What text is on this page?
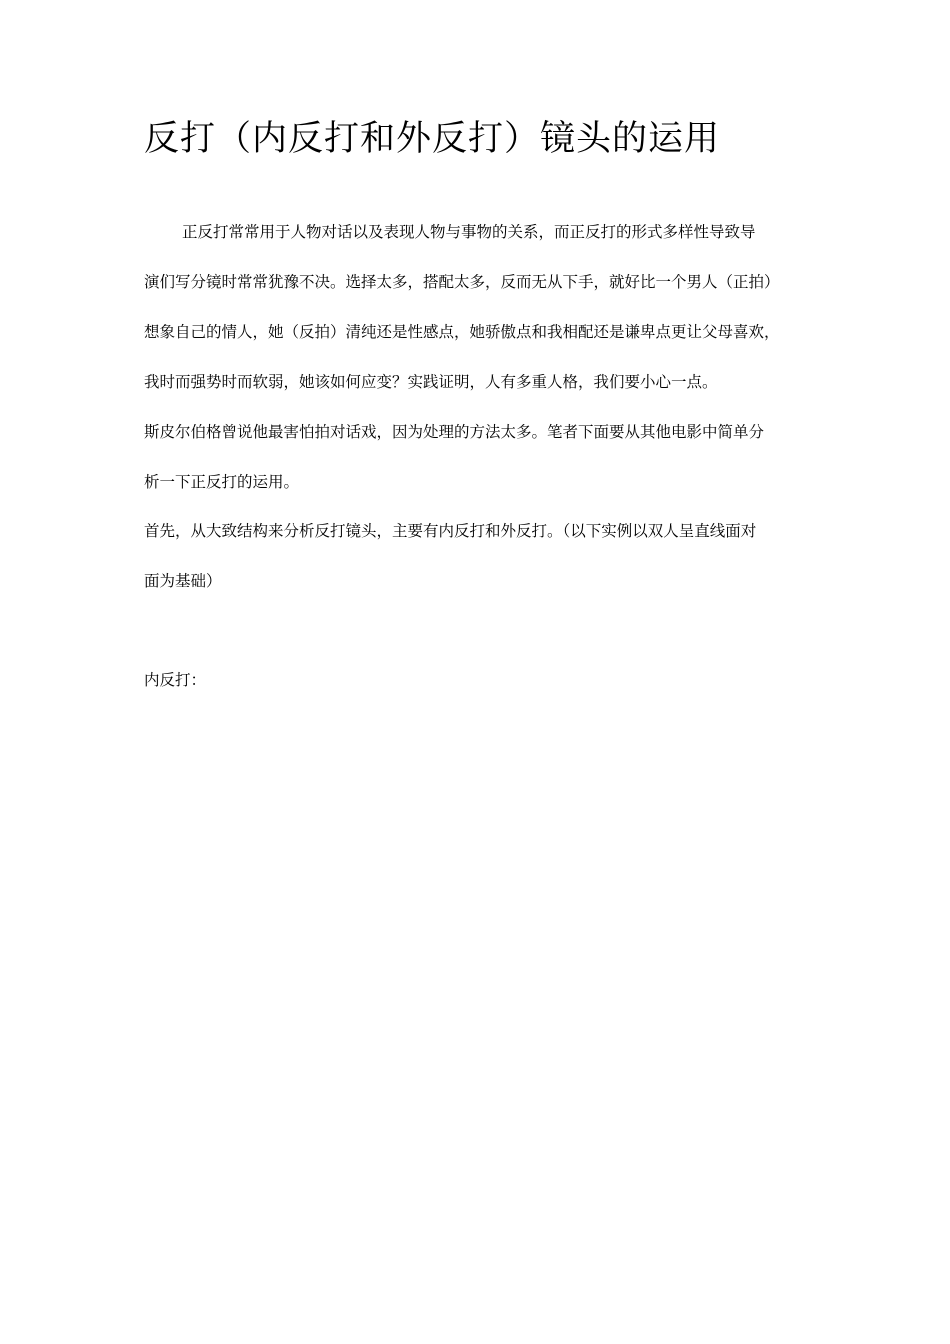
反打（内反打和外反打）镜头的运用

正反打常常用于人物对话以及表现人物与事物的关系，而正反打的形式多样性导致导

演们写分镜时常常犹豫不决。选择太多，搭配太多，反而无从下手，就好比一个男人（正拍）

想象自己的情人，她（反拍）清纯还是性感点，她骄傲点和我相配还是谦卑点更让父母喜欢，

我时而强势时而软弱，她该如何应变？实践证明，人有多重人格，我们要小心一点。

斯皮尔伯格曾说他最害怕拍对话戏，因为处理的方法太多。笔者下面要从其他电影中简单分

析一下正反打的运用。

首先，从大致结构来分析反打镜头，主要有内反打和外反打。（以下实例以双人呈直线面对

面为基础）

内反打：
